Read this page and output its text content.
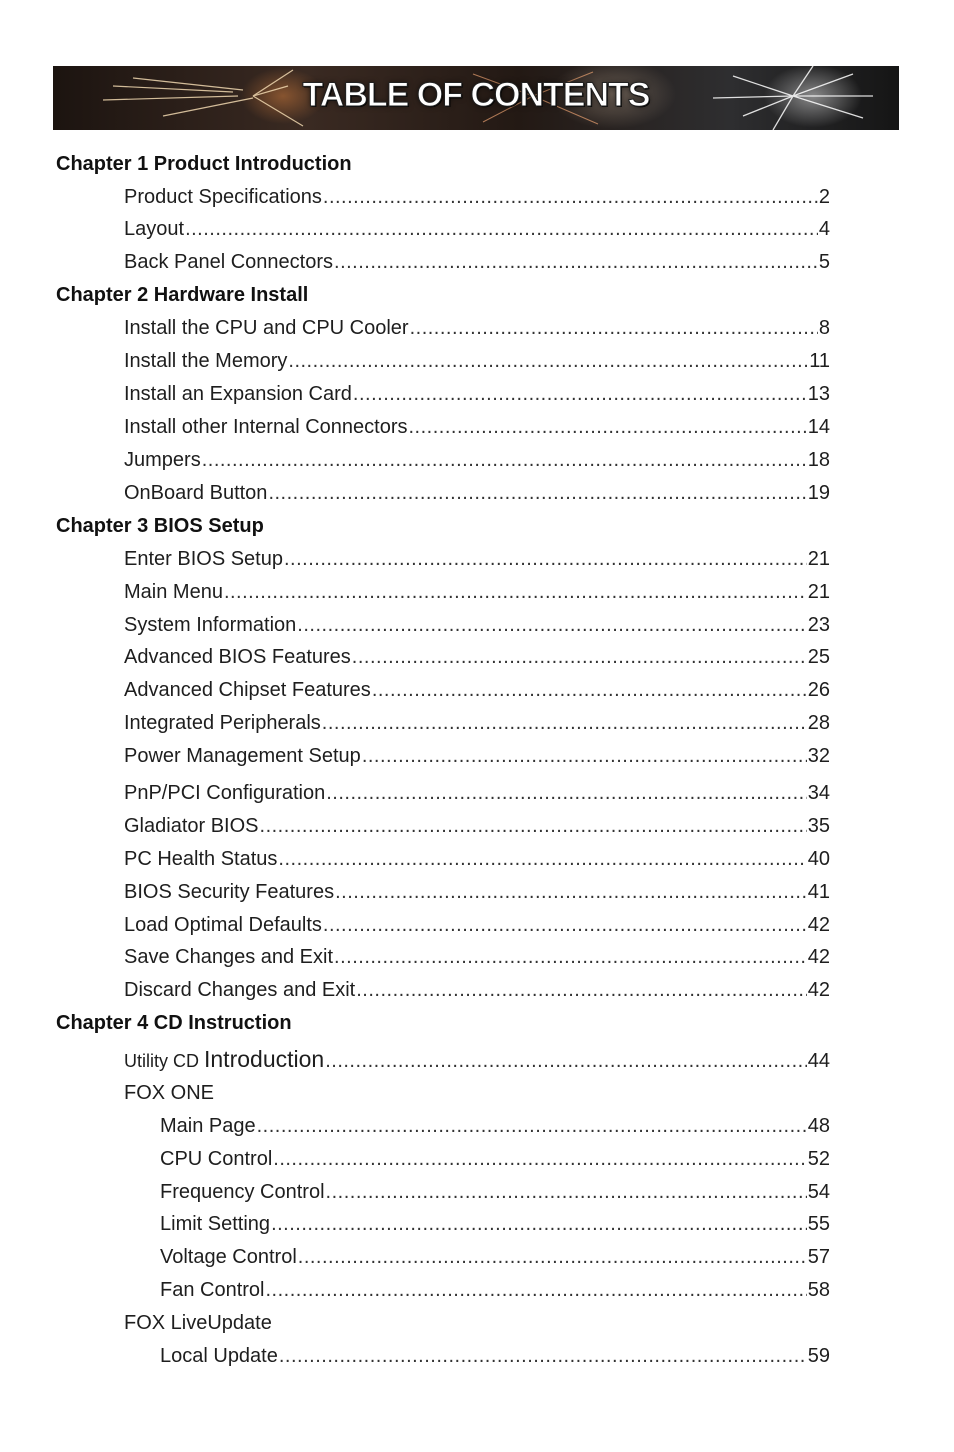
TABLE OF CONTENTS
Chapter 1 Product Introduction
Product Specifications .....	2
Layout .....	4
Back Panel Connectors .....	5
Chapter 2 Hardware Install
Install the CPU and CPU Cooler .....	8
Install the Memory .....	11
Install an Expansion Card .....	13
Install other Internal Connectors .....	14
Jumpers .....	18
OnBoard Button .....	19
Chapter 3 BIOS Setup
Enter BIOS Setup .....	21
Main Menu .....	21
System Information .....	23
Advanced BIOS Features .....	25
Advanced Chipset Features .....	26
Integrated Peripherals .....	28
Power Management Setup .....	32
PnP/PCI Configuration .....	34
Gladiator BIOS .....	35
PC Health Status .....	40
BIOS Security Features .....	41
Load Optimal Defaults .....	42
Save Changes and Exit .....	42
Discard Changes and Exit .....	42
Chapter 4 CD Instruction
Utility CD Introduction .....	44
FOX ONE
Main Page .....	48
CPU Control .....	52
Frequency Control .....	54
Limit Setting .....	55
Voltage Control .....	57
Fan Control .....	58
FOX LiveUpdate
Local Update .....	59
